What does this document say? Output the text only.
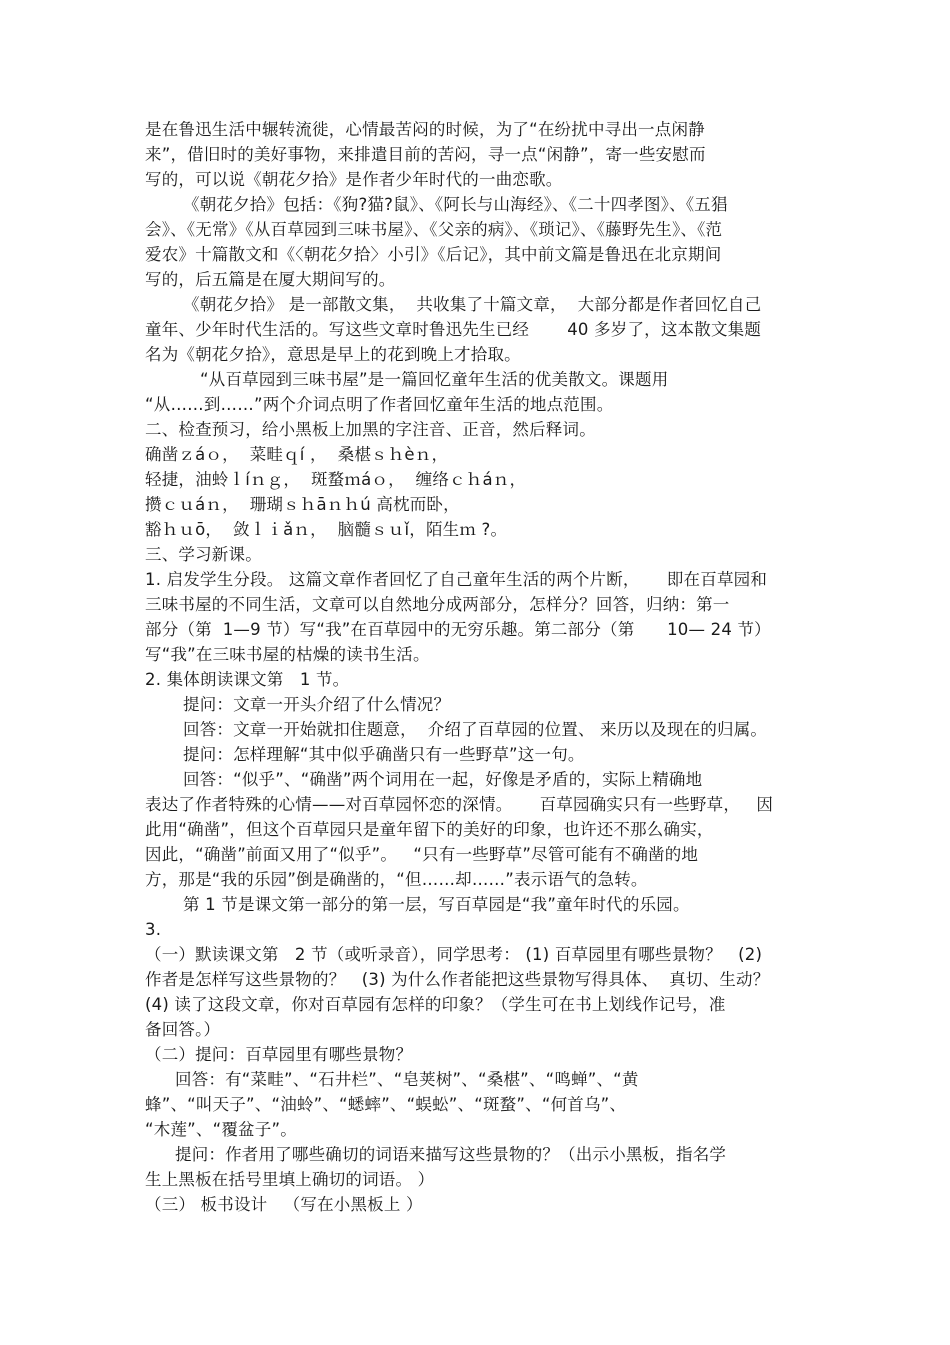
是在鲁迅生活中辗转流徙，心情最苦闷的时候，为了“在纷扰中寻出一点闲静
来”，借旧时的美好事物，来排遣目前的苦闷，寻一点“闲静”，寄一些安慰而
写的，可以说《朝花夕拾》是作者少年时代的一曲恋歌。
《朝花夕拾》包括：《狗?猫?鼠》、《阿长与山海经》、《二十四孝图》、《五猖
会》、《无常》《从百草园到三味书屋》、《父亲的病》、《琐记》、《藤野先生》、《范
爱农》十篇散文和《〈朝花夕拾〉小引》《后记》，其中前文篇是鲁迅在北京期间
写的，后五篇是在厦大期间写的。
《朝花夕拾》 是一部散文集，  共收集了十篇文章，  大部分都是作者回忆自己
童年、少年时代生活的。写这些文章时鲁迅先生已经       40 多岁了，这本散文集题
名为《朝花夕拾》，意思是早上的花到晚上才拾取。
“从百草园到三味书屋”是一篇回忆童年生活的优美散文。课题用
“从……到……”两个介词点明了作者回忆童年生活的地点范围。
二、检查预习，给小黑板上加黑的字注音、正音，然后释词。
确凿ｚáｏ，  菜畦ｑí ，  桑椹ｓｈèｎ，
轻捷，油蛉ｌíｎｇ，  斑蝥ｍáｏ，  缠络ｃｈáｎ，
攒ｃｕáｎ，  珊瑚ｓｈāｎｈú 高枕而卧，
豁ｈｕō，  敛ｌｉǎｎ，  脑髓ｓｕǐ，陌生ｍ ?。
三、学习新课。
1. 启发学生分段。 这篇文章作者回忆了自己童年生活的两个片断，     即在百草园和
三味书屋的不同生活，文章可以自然地分成两部分，怎样分？回答，归纳：第一
部分（第  1—9 节）写“我”在百草园中的无穷乐趣。第二部分（第      10— 24 节）
写“我”在三味书屋的枯燥的读书生活。
2. 集体朗读课文第   1 节。
提问：文章一开头介绍了什么情况？
回答：文章一开始就扣住题意，  介绍了百草园的位置、 来历以及现在的归属。
提问：怎样理解“其中似乎确凿只有一些野草”这一句。
回答：“似乎”、“确凿”两个词用在一起，好像是矛盾的，实际上精确地
表达了作者特殊的心情——对百草园怀恋的深情。     百草园确实只有一些野草，   因
此用“确凿”，但这个百草园只是童年留下的美好的印象，也许还不那么确实，
因此，“确凿”前面又用了“似乎”。   “只有一些野草”尽管可能有不确凿的地
方，那是“我的乐园”倒是确凿的，“但……却……”表示语气的急转。
第 1 节是课文第一部分的第一层，写百草园是“我”童年时代的乐园。
3.
（一）默读课文第   2 节（或听录音），同学思考： (1) 百草园里有哪些景物？   (2)
作者是怎样写这些景物的？   (3) 为什么作者能把这些景物写得具体、  真切、生动？
(4) 读了这段文章，你对百草园有怎样的印象？（学生可在书上划线作记号，准
备回答。）
（二）提问：百草园里有哪些景物？
回答：有“菜畦”、“石井栏”、“皂荚树”、“桑椹”、“鸣蝉”、“黄
蜂”、“叫天子”、“油蛉”、“蟋蟀”、“蜈蚣”、“斑蝥”、“何首乌”、
“木莲”、“覆盆子”。
提问：作者用了哪些确切的词语来描写这些景物的？（出示小黑板，指名学
生上黑板在括号里填上确切的词语。 ）
（三） 板书设计   （写在小黑板上 ）
